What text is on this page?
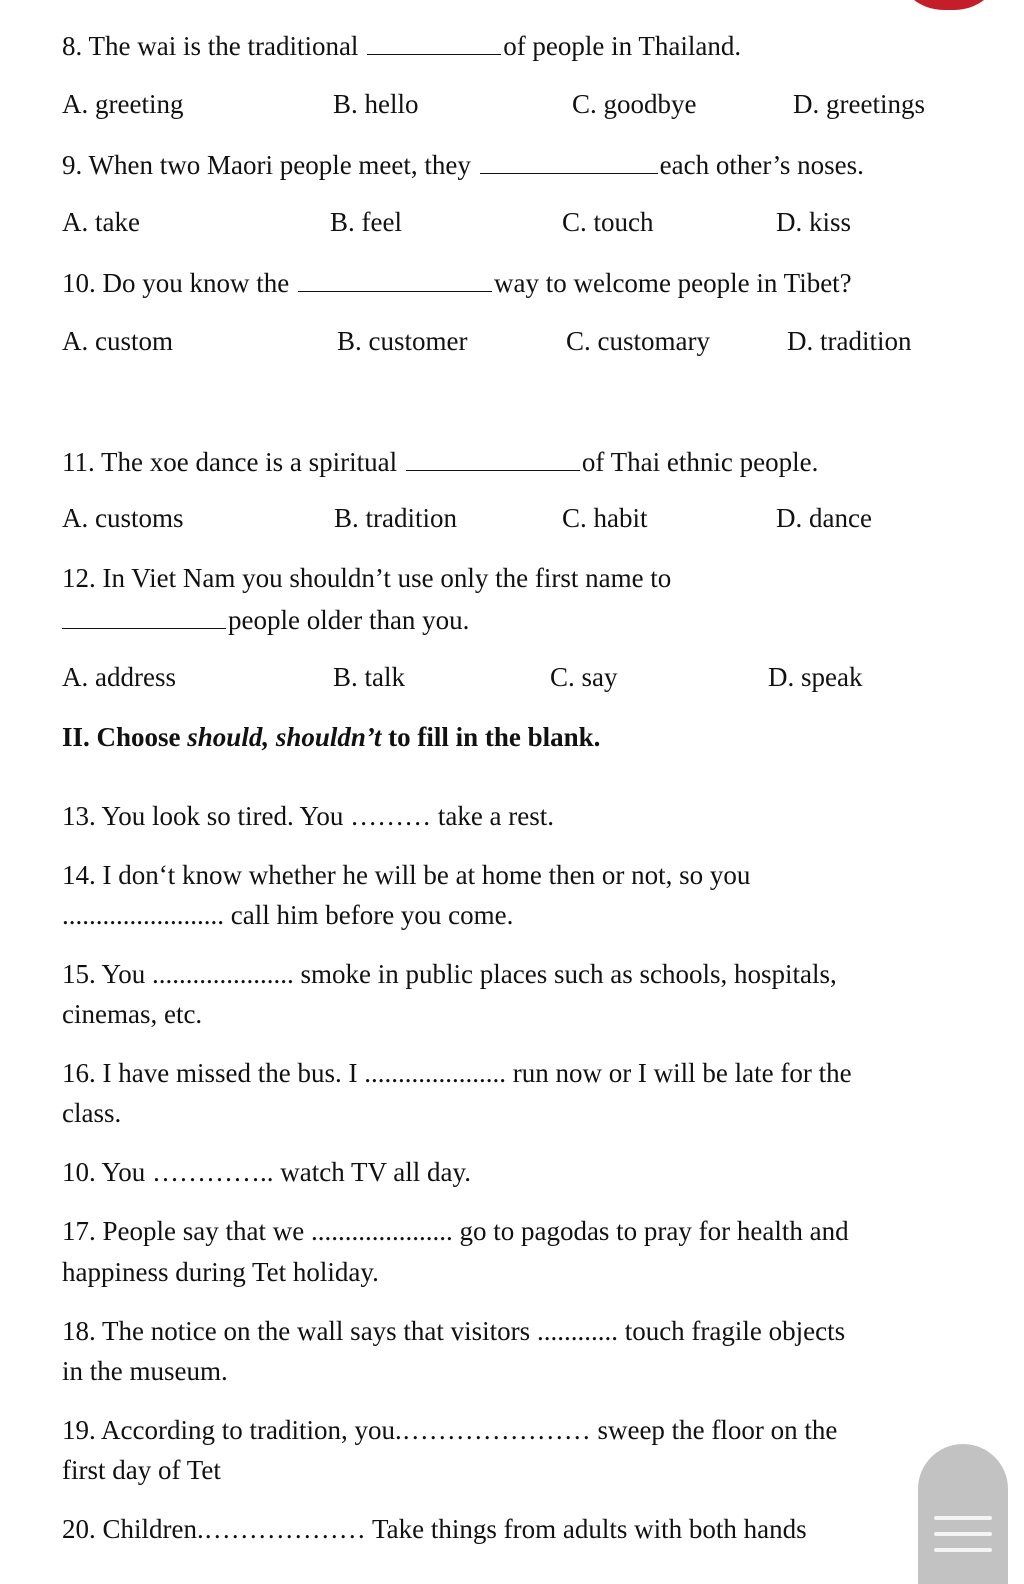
8. The wai is the traditional	of people in Thailand.
A. greeting	B. hello	C. goodbye	D. greetings
9. When two Maori people meet, they	each other’s noses.
A. take	B. feel	C. touch	D. kiss
10. Do you know the	way to welcome people in Tibet?
A. custom	B. customer	C. customary	D. tradition
11. The xoe dance is a spiritual	of Thai ethnic people.
A. customs	B. tradition	C. habit	D. dance
12. In Viet Nam you shouldn’t use only the first name to
people older than you.
A. address	B. talk	C. say	D. speak
II. Choose should, shouldn’t to fill in the blank.
13. You look so tired. You ……… take a rest.
14. I don‘t know whether he will be at home then or not, so you
........................ call him before you come.
15. You ..................... smoke in public places such as schools, hospitals,
cinemas, etc.
16. I have missed the bus. I ..................... run now or I will be late for the
class.
10. You ………….. watch TV all day.
17. People say that we ..................... go to pagodas to pray for health and
happiness during Tet holiday.
18. The notice on the wall says that visitors ............ touch fragile objects
in the museum.
19. According to tradition, you.………………… sweep the floor on the
first day of Tet
20. Children.……………… Take things from adults with both hands
